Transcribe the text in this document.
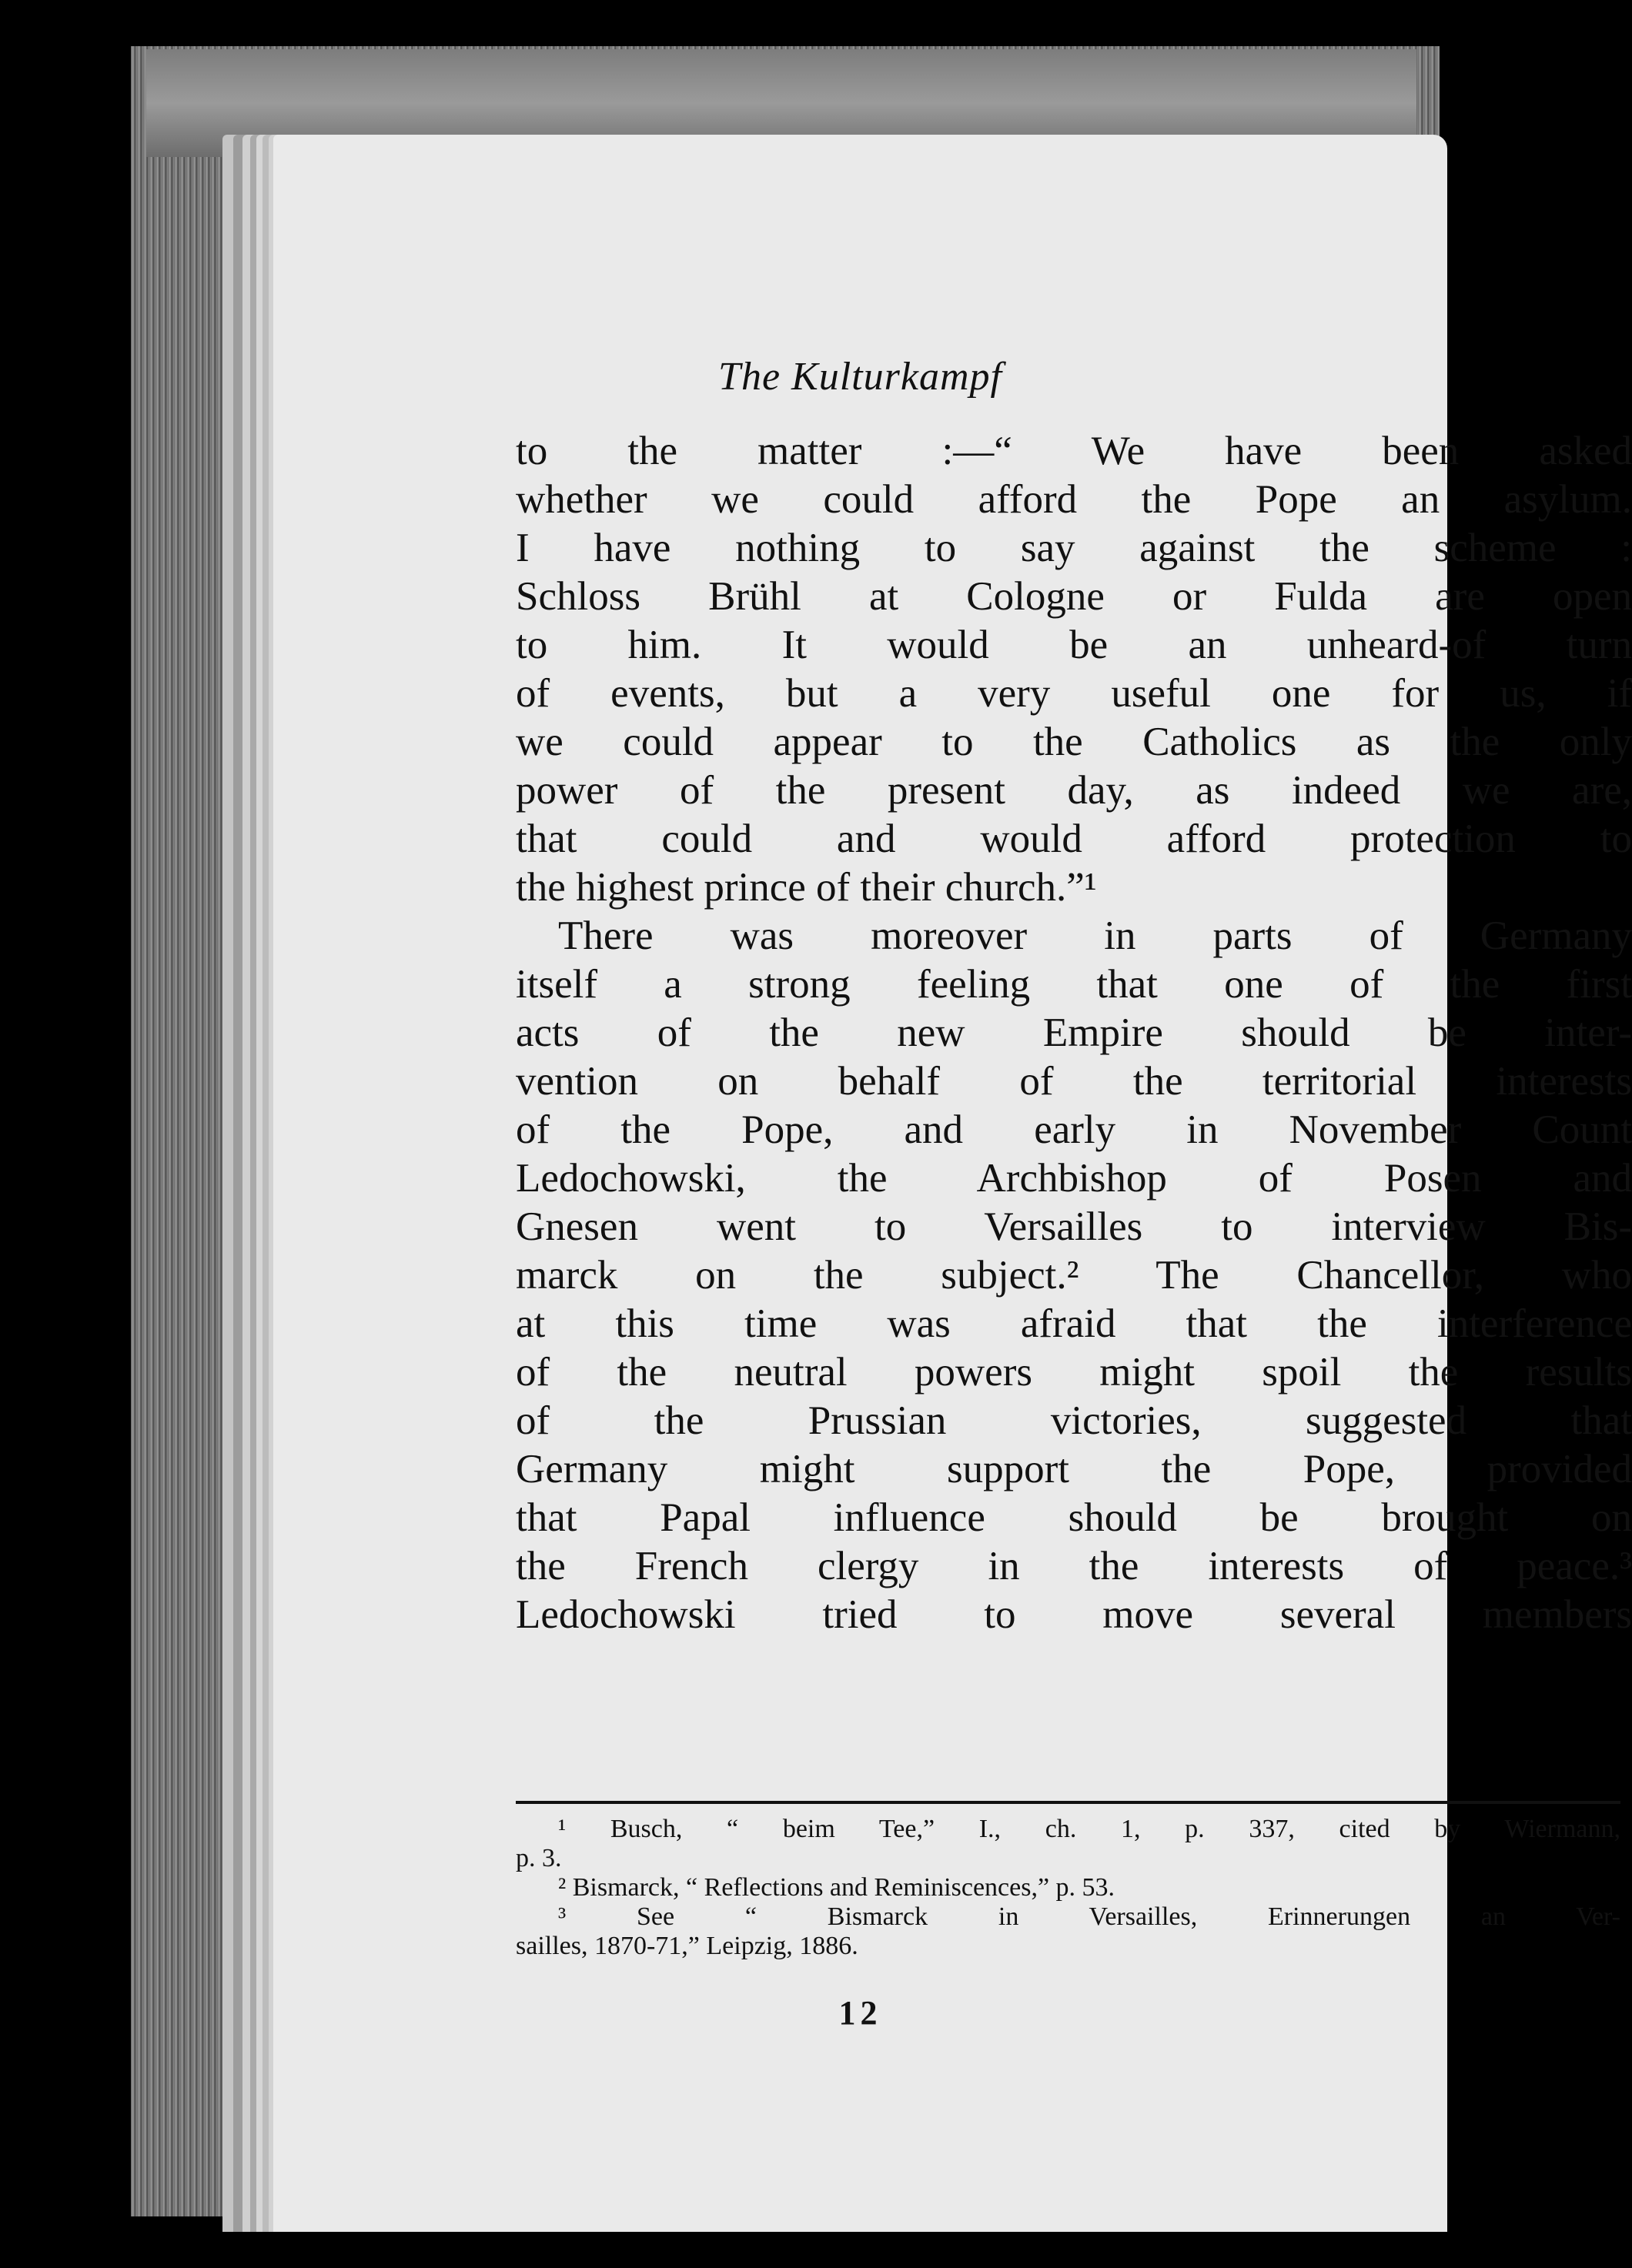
The Kulturkampf
to the matter :—“ We have been asked
whether we could afford the Pope an asylum.
I have nothing to say against the scheme :
Schloss Brühl at Cologne or Fulda are open
to him. It would be an unheard-of turn
of events, but a very useful one for us, if
we could appear to the Catholics as the only
power of the present day, as indeed we are,
that could and would afford protection to
the highest prince of their church.”¹
There was moreover in parts of Germany
itself a strong feeling that one of the first
acts of the new Empire should be inter-
vention on behalf of the territorial interests
of the Pope, and early in November Count
Ledochowski, the Archbishop of Posen and
Gnesen went to Versailles to interview Bis-
marck on the subject.² The Chancellor, who
at this time was afraid that the interference
of the neutral powers might spoil the results
of the Prussian victories, suggested that
Germany might support the Pope, provided
that Papal influence should be brought on
the French clergy in the interests of peace.³
Ledochowski tried to move several members
¹ Busch, “ beim Tee,” I., ch. 1, p. 337, cited by Wiermann,
p. 3.
² Bismarck, “ Reflections and Reminiscences,” p. 53.
³ See “ Bismarck in Versailles, Erinnerungen an Ver-
sailles, 1870-71,” Leipzig, 1886.
12
